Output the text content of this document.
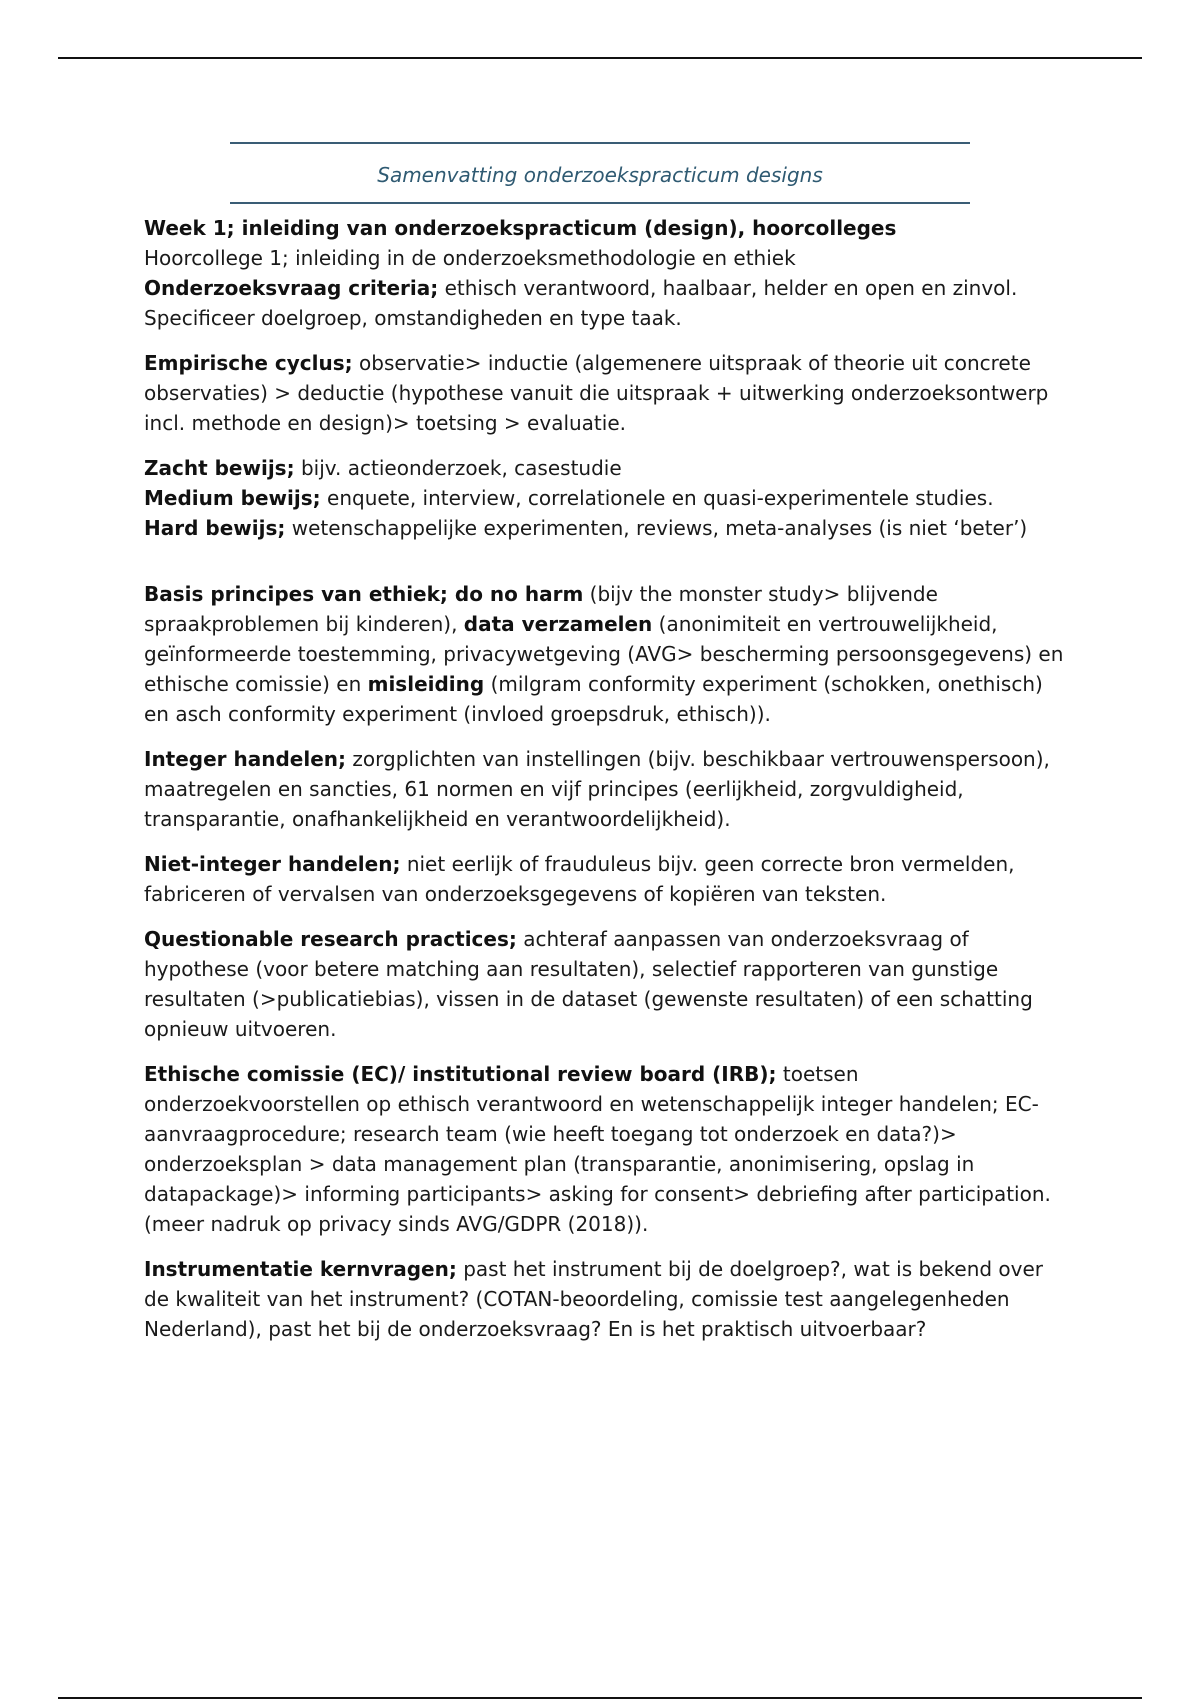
Samenvatting onderzoekspracticum designs

Week 1; inleiding van onderzoekspracticum (design), hoorcolleges

Hoorcollege 1; inleiding in de onderzoeksmethodologie en ethiek

Onderzoeksvraag criteria; ethisch verantwoord, haalbaar, helder en open en zinvol. Specificeer doelgroep, omstandigheden en type taak.

Empirische cyclus; observatie> inductie (algemenere uitspraak of theorie uit concrete observaties) > deductie (hypothese vanuit die uitspraak + uitwerking onderzoeksontwerp incl. methode en design)> toetsing > evaluatie.

Zacht bewijs; bijv. actieonderzoek, casestudie

Medium bewijs; enquete, interview, correlationele en quasi-experimentele studies.

Hard bewijs; wetenschappelijke experimenten, reviews, meta-analyses (is niet ‘beter’)

Basis principes van ethiek; do no harm (bijv the monster study> blijvende spraakproblemen bij kinderen), data verzamelen (anonimiteit en vertrouwelijkheid, geïnformeerde toestemming, privacywetgeving (AVG> bescherming persoonsgegevens) en ethische comissie) en misleiding (milgram conformity experiment (schokken, onethisch) en asch conformity experiment (invloed groepsdruk, ethisch)).

Integer handelen; zorgplichten van instellingen (bijv. beschikbaar vertrouwenspersoon), maatregelen en sancties, 61 normen en vijf principes (eerlijkheid, zorgvuldigheid, transparantie, onafhankelijkheid en verantwoordelijkheid).

Niet-integer handelen; niet eerlijk of frauduleus bijv. geen correcte bron vermelden, fabriceren of vervalsen van onderzoeksgegevens of kopiëren van teksten.

Questionable research practices; achteraf aanpassen van onderzoeksvraag of hypothese (voor betere matching aan resultaten), selectief rapporteren van gunstige resultaten (>publicatiebias), vissen in de dataset (gewenste resultaten) of een schatting opnieuw uitvoeren.

Ethische comissie (EC)/ institutional review board (IRB); toetsen onderzoekvoorstellen op ethisch verantwoord en wetenschappelijk integer handelen; EC-aanvraagprocedure; research team (wie heeft toegang tot onderzoek en data?)> onderzoeksplan > data management plan (transparantie, anonimisering, opslag in datapackage)> informing participants> asking for consent> debriefing after participation. (meer nadruk op privacy sinds AVG/GDPR (2018)).

Instrumentatie kernvragen; past het instrument bij de doelgroep?, wat is bekend over de kwaliteit van het instrument? (COTAN-beoordeling, comissie test aangelegenheden Nederland), past het bij de onderzoeksvraag? En is het praktisch uitvoerbaar?
